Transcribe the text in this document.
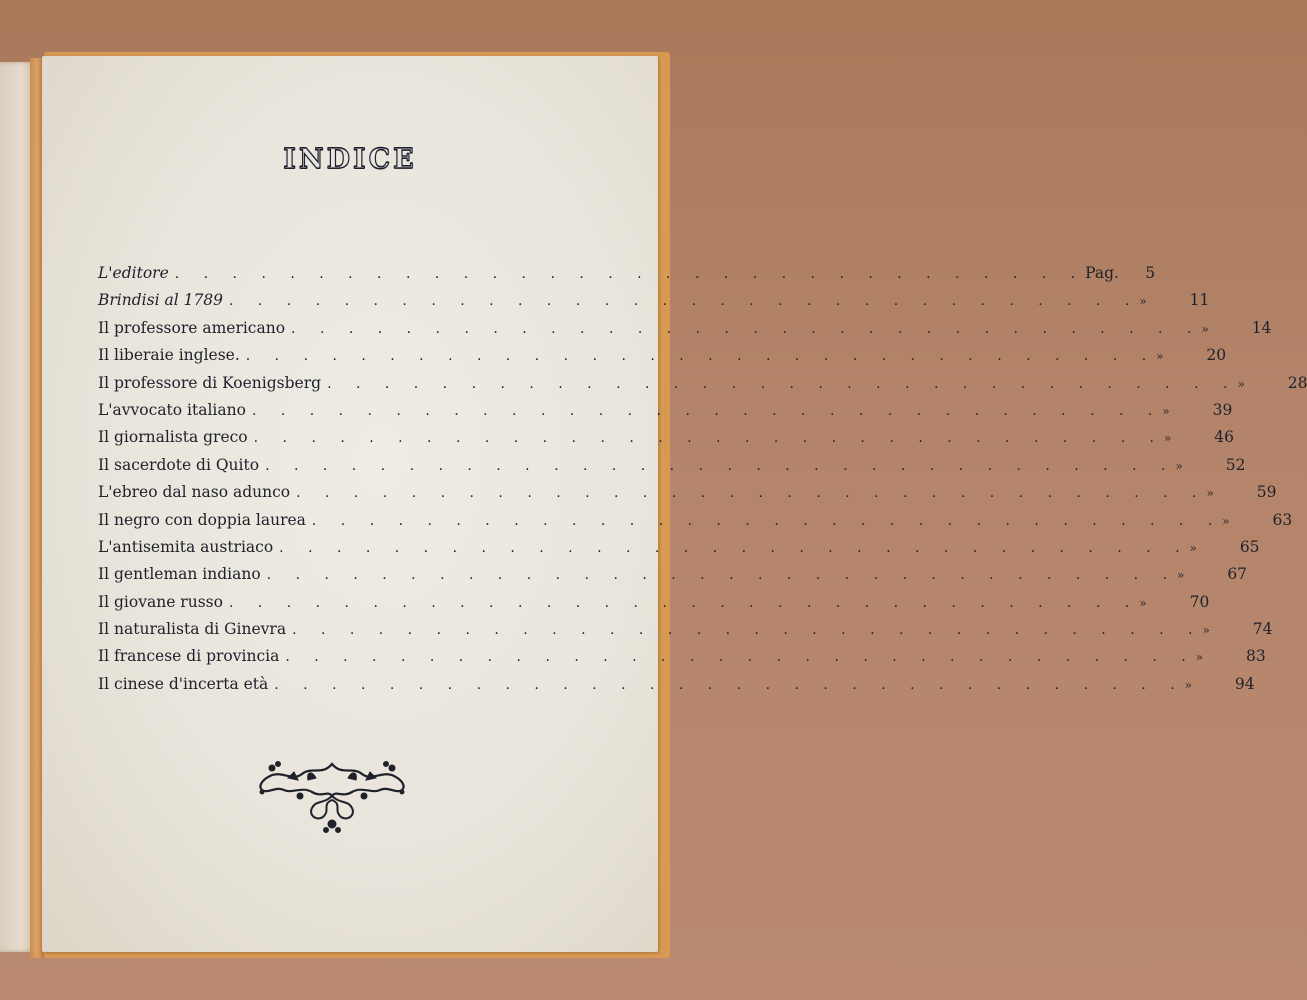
INDICE
L'editore . . . . . . . . . . . . . . . . . . . . . . . . . . . . . . . . Pag.	5
Brindisi al 1789 . . . . . . . . . . . . . . . . . . . . . . . . . . . . . . . . »	11
Il professore americano . . . . . . . . . . . . . . . . . . . . . . . . . . . . . . . . »	14
Il liberaie inglese. . . . . . . . . . . . . . . . . . . . . . . . . . . . . . . . . »	20
Il professore di Koenigsberg . . . . . . . . . . . . . . . . . . . . . . . . . . . . . . . . »	28
L'avvocato italiano . . . . . . . . . . . . . . . . . . . . . . . . . . . . . . . . »	39
Il giornalista greco . . . . . . . . . . . . . . . . . . . . . . . . . . . . . . . . »	46
Il sacerdote di Quito . . . . . . . . . . . . . . . . . . . . . . . . . . . . . . . . »	52
L'ebreo dal naso adunco . . . . . . . . . . . . . . . . . . . . . . . . . . . . . . . . »	59
Il negro con doppia laurea . . . . . . . . . . . . . . . . . . . . . . . . . . . . . . . . »	63
L'antisemita austriaco . . . . . . . . . . . . . . . . . . . . . . . . . . . . . . . . »	65
Il gentleman indiano . . . . . . . . . . . . . . . . . . . . . . . . . . . . . . . . »	67
Il giovane russo . . . . . . . . . . . . . . . . . . . . . . . . . . . . . . . . »	70
Il naturalista di Ginevra . . . . . . . . . . . . . . . . . . . . . . . . . . . . . . . . »	74
Il francese di provincia . . . . . . . . . . . . . . . . . . . . . . . . . . . . . . . . »	83
Il cinese d'incerta età . . . . . . . . . . . . . . . . . . . . . . . . . . . . . . . . »	94
